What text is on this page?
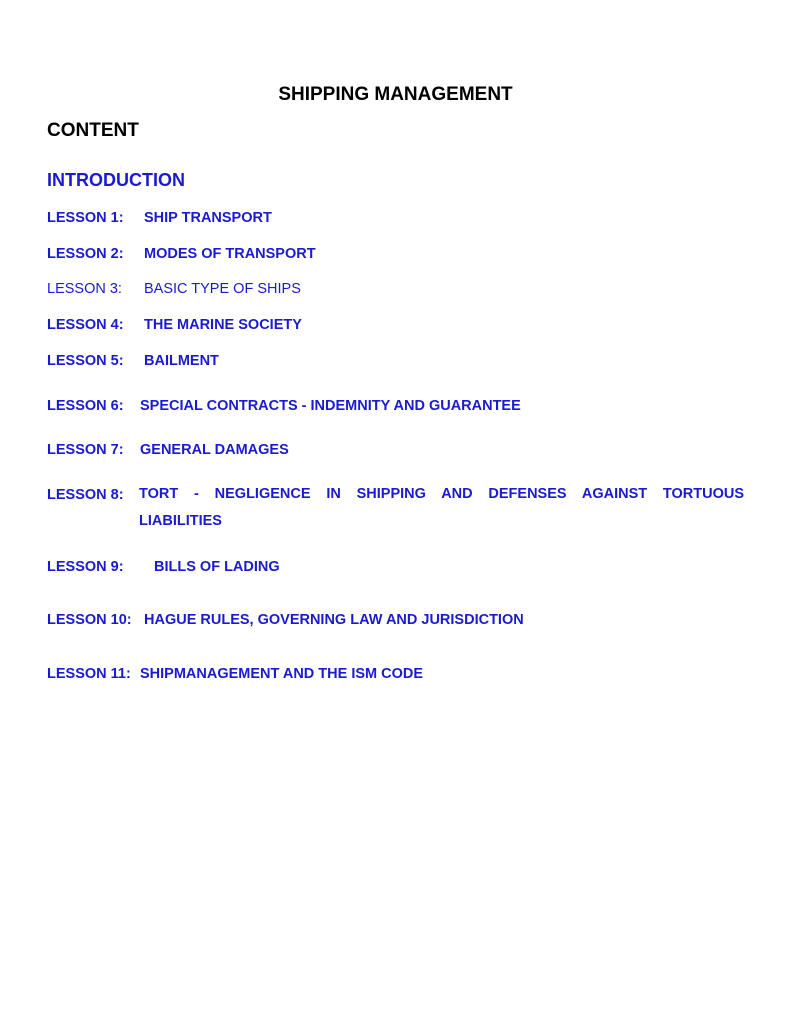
SHIPPING MANAGEMENT
CONTENT
INTRODUCTION
LESSON 1: SHIP TRANSPORT
LESSON 2: MODES OF TRANSPORT
LESSON 3: BASIC TYPE OF SHIPS
LESSON 4: THE MARINE SOCIETY
LESSON 5: BAILMENT
LESSON 6: SPECIAL CONTRACTS - INDEMNITY AND GUARANTEE
LESSON 7: GENERAL DAMAGES
LESSON 8: TORT - NEGLIGENCE IN SHIPPING AND DEFENSES AGAINST TORTUOUS LIABILITIES
LESSON 9: BILLS OF LADING
LESSON 10: HAGUE RULES, GOVERNING LAW AND JURISDICTION
LESSON 11: SHIPMANAGEMENT AND THE ISM CODE
